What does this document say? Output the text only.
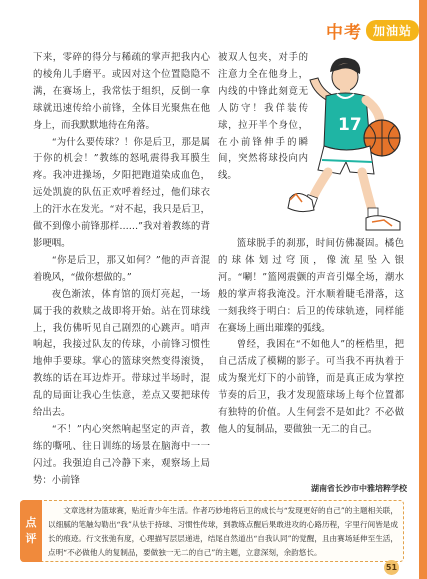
中考 加油站

下来，零碎的得分与稀疏的掌声把我内心的棱角儿手磨平。或因对这个位置隐隐不满，在赛场上，我常怯于组织，反倒一拿球就迅速传给小前锋，全体目光聚焦在他身上，而我默默地待在角落。

“为什么要传球？！你是后卫，那是属于你的机会！”教练的怒吼震得我耳膜生疼。我冲进操场，夕阳把跑道染成血色，远处凯旋的队伍正欢呼着经过，他们球衣上的汗水在发光。“对不起，我只是后卫，做不到像小前锋那样……”我对着教练的背影哽咽。

“你是后卫，那又如何？”他的声音混着晚风，“做你想做的。”

夜色渐浓，体育馆的顶灯亮起，一场属于我的救赎之战即将开始。站在罚球线上，我仿佛听见自己剧烈的心跳声。哨声响起，我接过队友的传球，小前锋习惯性地伸手要球。掌心的篮球突然变得滚烫，教练的话在耳边炸开。带球过半场时，混乱的局面让我心生怯意，差点又要把球传给出去。

“不！”内心突然响起坚定的声音，教练的嘶吼、往日训练的场景在脑海中一一闪过。我强迫自己冷静下来，观察场上局势：小前锋

被双人包夹，对手的注意力全在他身上，内线的中锋此刻竟无人防守！我佯装传球，拉开半个身位，在小前锋伸手的瞬间，突然将球投向内线。

17

篮球脱手的刹那，时间仿佛凝固。橘色的球体划过穹顶，像流星坠入银河。“唰！”篮网震颤的声音引爆全场，潮水般的掌声将我淹没。汗水顺着睫毛滑落，这一刻我终于明白：后卫的传球轨迹，同样能在赛场上画出璀璨的弧线。

曾经，我困在“不如他人”的桎梏里，把自己活成了模糊的影子。可当我不再执着于成为聚光灯下的小前锋，而是真正成为掌控节奏的后卫，我才发现篮球场上每个位置都有独特的价值。人生何尝不是如此？不必做他人的复制品，要做独一无二的自己。

湖南省长沙市中雅培粹学校
点
评

文章选材为篮球赛，贴近青少年生活。作者巧妙地将后卫的成长与“发现更好的自己”的主题相关联，以细腻的笔触勾勒出“我”从怯于持球、习惯性传球，到教练点醒后果敢进攻的心路历程，字里行间皆是成长的痕迹。行文张弛有度，心理描写层层递进，结尾自然道出“自我认同”的觉醒，且由赛场延伸至生活，点明“不必做他人的复制品，要做独一无二的自己”的主题，立意深刻，余韵悠长。

51
